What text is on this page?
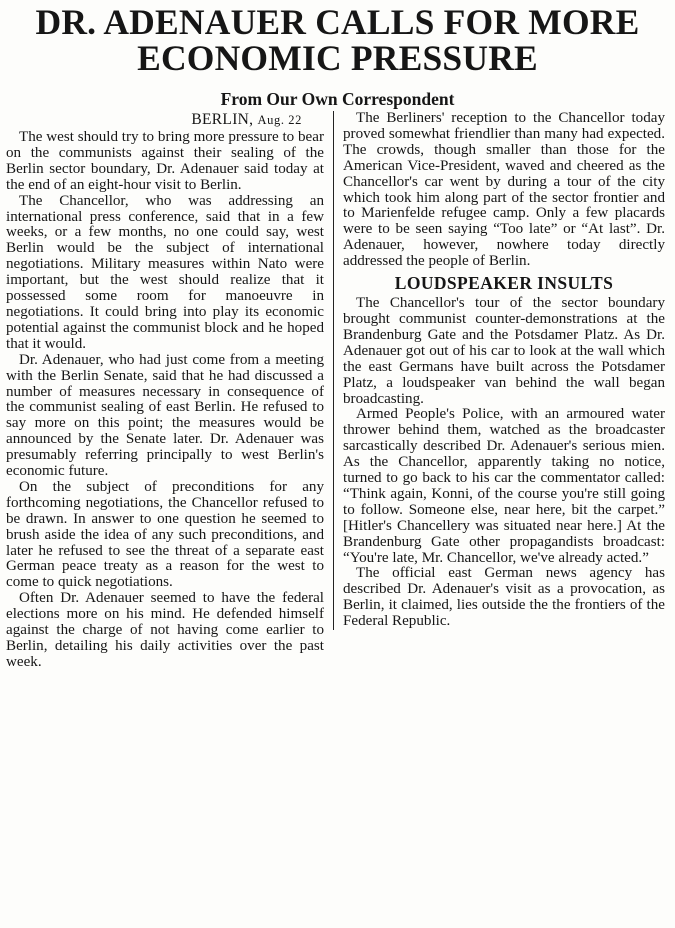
DR. ADENAUER CALLS FOR MORE
ECONOMIC PRESSURE
From Our Own Correspondent
BERLIN, Aug. 22

The west should try to bring more pressure to bear on the communists against their sealing of the Berlin sector boundary, Dr. Adenauer said today at the end of an eight-hour visit to Berlin.

The Chancellor, who was addressing an international press conference, said that in a few weeks, or a few months, no one could say, west Berlin would be the subject of international negotiations. Military measures within Nato were important, but the west should realize that it possessed some room for manoeuvre in negotiations. It could bring into play its economic potential against the communist block and he hoped that it would.

Dr. Adenauer, who had just come from a meeting with the Berlin Senate, said that he had discussed a number of measures necessary in consequence of the communist sealing of east Berlin. He refused to say more on this point; the measures would be announced by the Senate later. Dr. Adenauer was presumably referring principally to west Berlin's economic future.

On the subject of preconditions for any forthcoming negotiations, the Chancellor refused to be drawn. In answer to one question he seemed to brush aside the idea of any such preconditions, and later he refused to see the threat of a separate east German peace treaty as a reason for the west to come to quick negotiations.

Often Dr. Adenauer seemed to have the federal elections more on his mind. He defended himself against the charge of not having come earlier to Berlin, detailing his daily activities over the past week.

The Berliners' reception to the Chancellor today proved somewhat friendlier than many had expected. The crowds, though smaller than those for the American Vice-President, waved and cheered as the Chancellor's car went by during a tour of the city which took him along part of the sector frontier and to Marienfelde refugee camp. Only a few placards were to be seen saying “Too late” or “At last”. Dr. Adenauer, however, nowhere today directly addressed the people of Berlin.

LOUDSPEAKER INSULTS

The Chancellor's tour of the sector boundary brought communist counter-demonstrations at the Brandenburg Gate and the Potsdamer Platz. As Dr. Adenauer got out of his car to look at the wall which the east Germans have built across the Potsdamer Platz, a loudspeaker van behind the wall began broadcasting.

Armed People's Police, with an armoured water thrower behind them, watched as the broadcaster sarcastically described Dr. Adenauer's serious mien. As the Chancellor, apparently taking no notice, turned to go back to his car the commentator called: “Think again, Konni, of the course you're still going to follow. Someone else, near here, bit the carpet.” [Hitler's Chancellery was situated near here.] At the Brandenburg Gate other propagandists broadcast: “You're late, Mr. Chancellor, we've already acted.”

The official east German news agency has described Dr. Adenauer's visit as a provocation, as Berlin, it claimed, lies outside the the frontiers of the Federal Republic.
